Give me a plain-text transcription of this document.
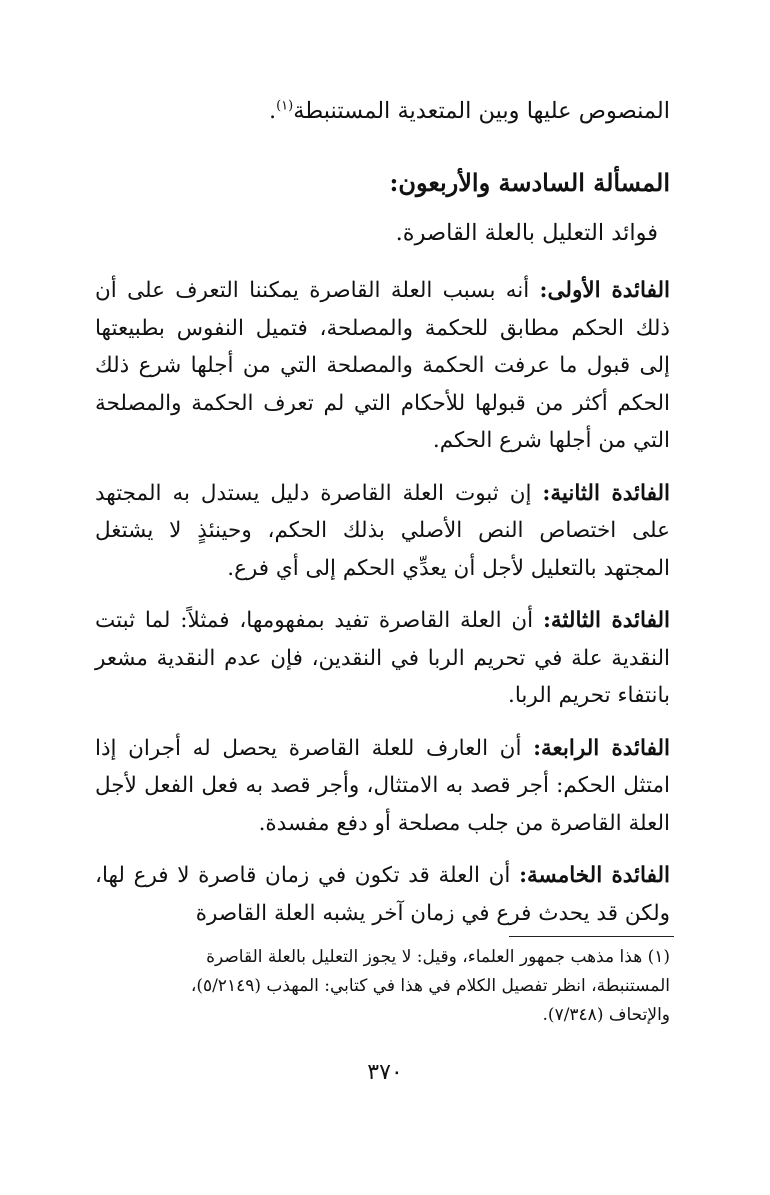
المنصوص عليها وبين المتعدية المستنبطة$^{(١)}$.

المسألة السادسة والأربعون:

فوائد التعليل بالعلة القاصرة.

الفائدة الأولى: أنه بسبب العلة القاصرة يمكننا التعرف على أن ذلك الحكم مطابق للحكمة والمصلحة، فتميل النفوس بطبيعتها إلى قبول ما عرفت الحكمة والمصلحة التي من أجلها شرع ذلك الحكم أكثر من قبولها للأحكام التي لم تعرف الحكمة والمصلحة التي من أجلها شرع الحكم.

الفائدة الثانية: إن ثبوت العلة القاصرة دليل يستدل به المجتهد على اختصاص النص الأصلي بذلك الحكم، وحينئذٍ لا يشتغل المجتهد بالتعليل لأجل أن يعدِّي الحكم إلى أي فرع.

الفائدة الثالثة: أن العلة القاصرة تفيد بمفهومها، فمثلاً: لما ثبتت النقدية علة في تحريم الربا في النقدين، فإن عدم النقدية مشعر بانتفاء تحريم الربا.

الفائدة الرابعة: أن العارف للعلة القاصرة يحصل له أجران إذا امتثل الحكم: أجر قصد به الامتثال، وأجر قصد به فعل الفعل لأجل العلة القاصرة من جلب مصلحة أو دفع مفسدة.

الفائدة الخامسة: أن العلة قد تكون في زمان قاصرة لا فرع لها، ولكن قد يحدث فرع في زمان آخر يشبه العلة القاصرة

(١) هذا مذهب جمهور العلماء، وقيل: لا يجوز التعليل بالعلة القاصرة

المستنبطة، انظر تفصيل الكلام في هذا في كتابي: المهذب (٥/٢١٤٩)،

والإتحاف (٧/٣٤٨).

٣٧٠
